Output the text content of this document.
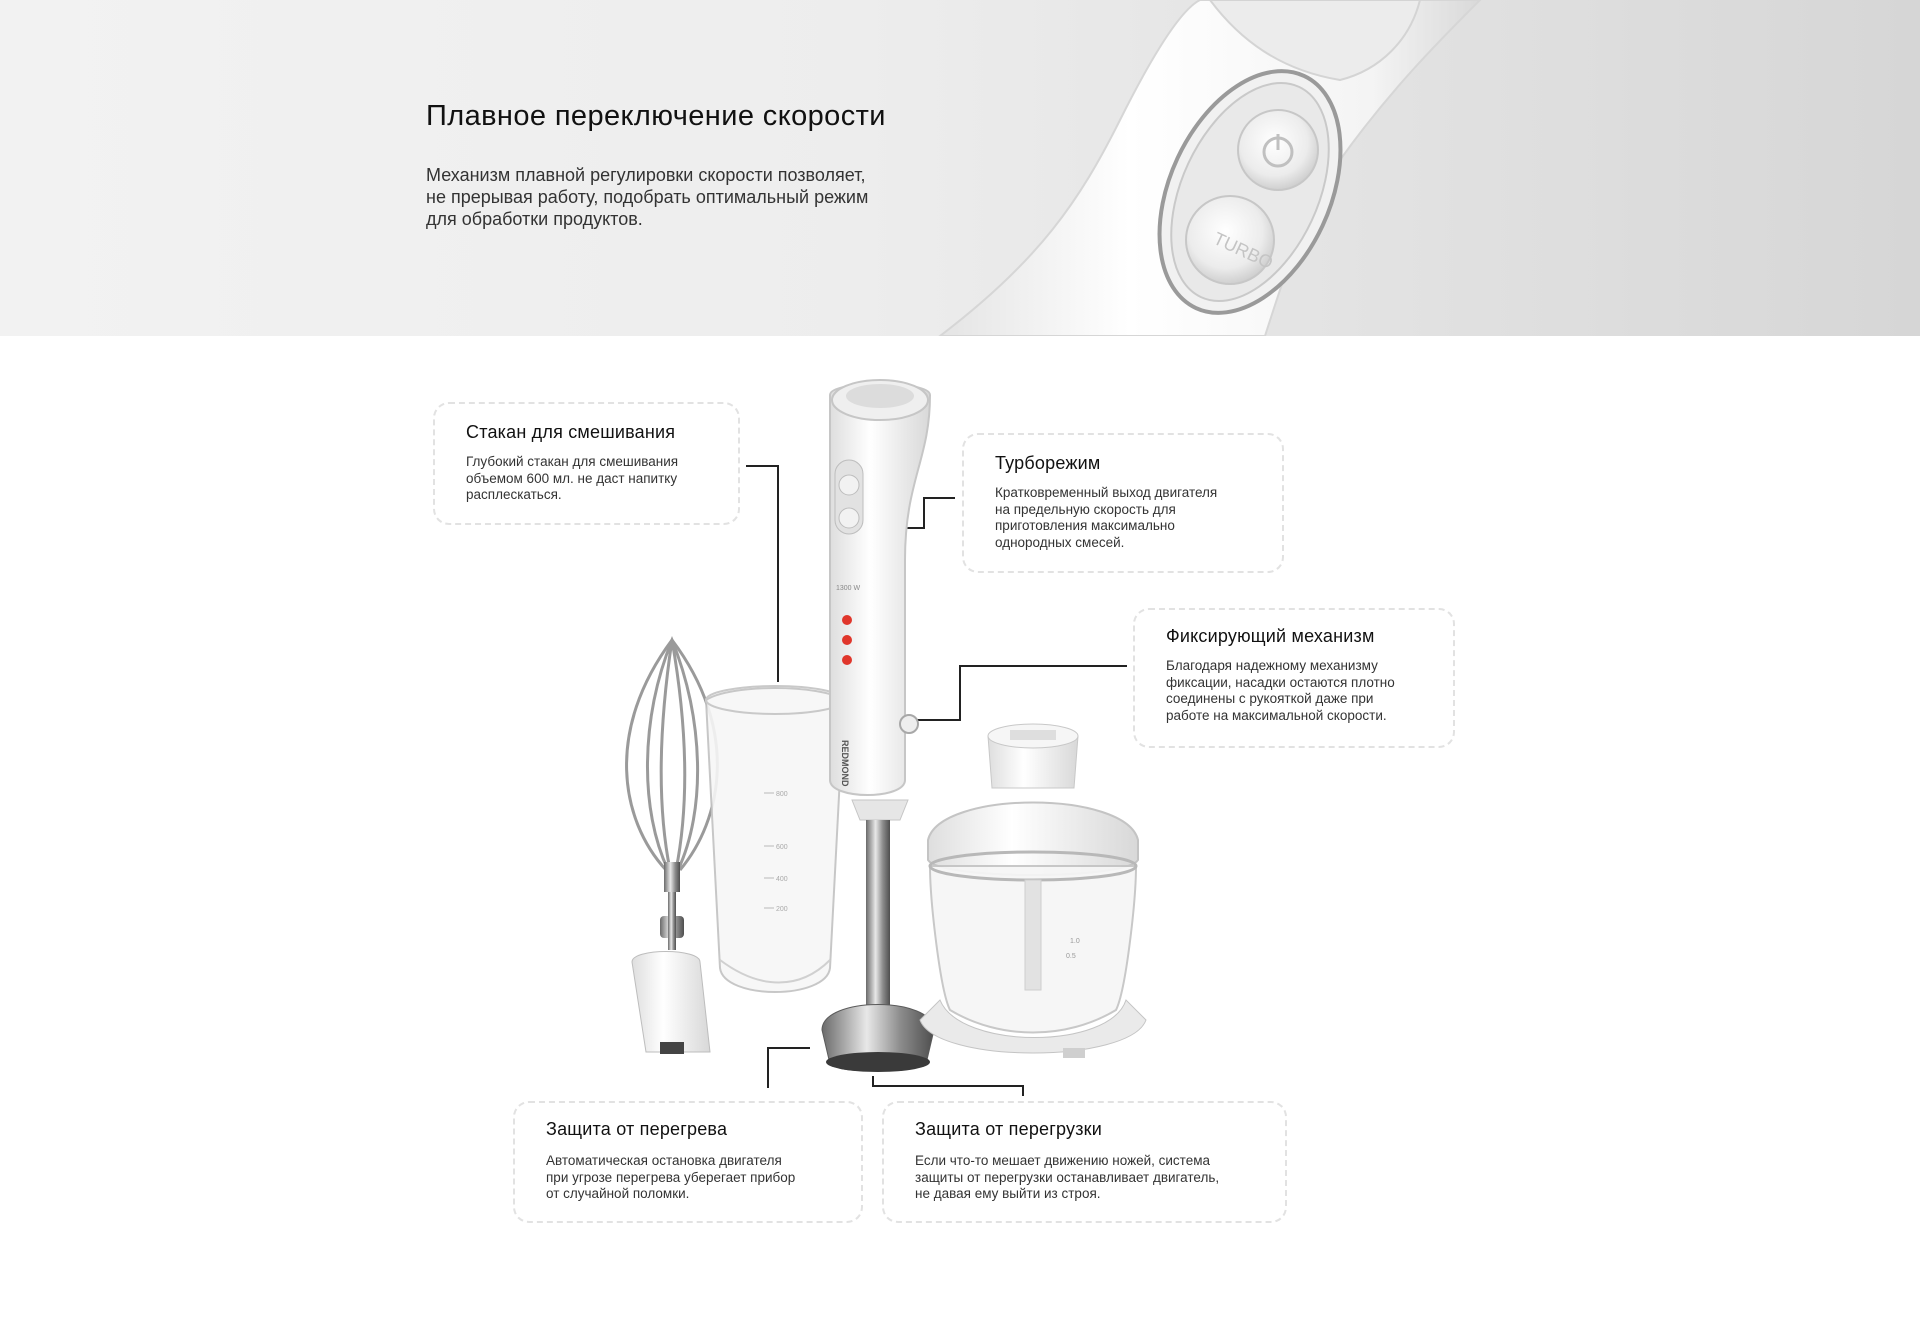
Плавное переключение скорости
Механизм плавной регулировки скорости позволяет,
не прерывая работу, подобрать оптимальный режим
для обработки продуктов.
TURBO
800
600
400
200
1300 W
REDMOND
1.0
0.5
Стакан для смешивания
Глубокий стакан для смешивания
объемом 600 мл. не даст напитку
расплескаться.
Турборежим
Кратковременный выход двигателя
на предельную скорость для
приготовления максимально
однородных смесей.
Фиксирующий механизм
Благодаря надежному механизму
фиксации, насадки остаются плотно
соединены с рукояткой даже при
работе на максимальной скорости.
Защита от перегрева
Автоматическая остановка двигателя
при угрозе перегрева уберегает прибор
от случайной поломки.
Защита от перегрузки
Если что-то мешает движению ножей, система
защиты от перегрузки останавливает двигатель,
не давая ему выйти из строя.
